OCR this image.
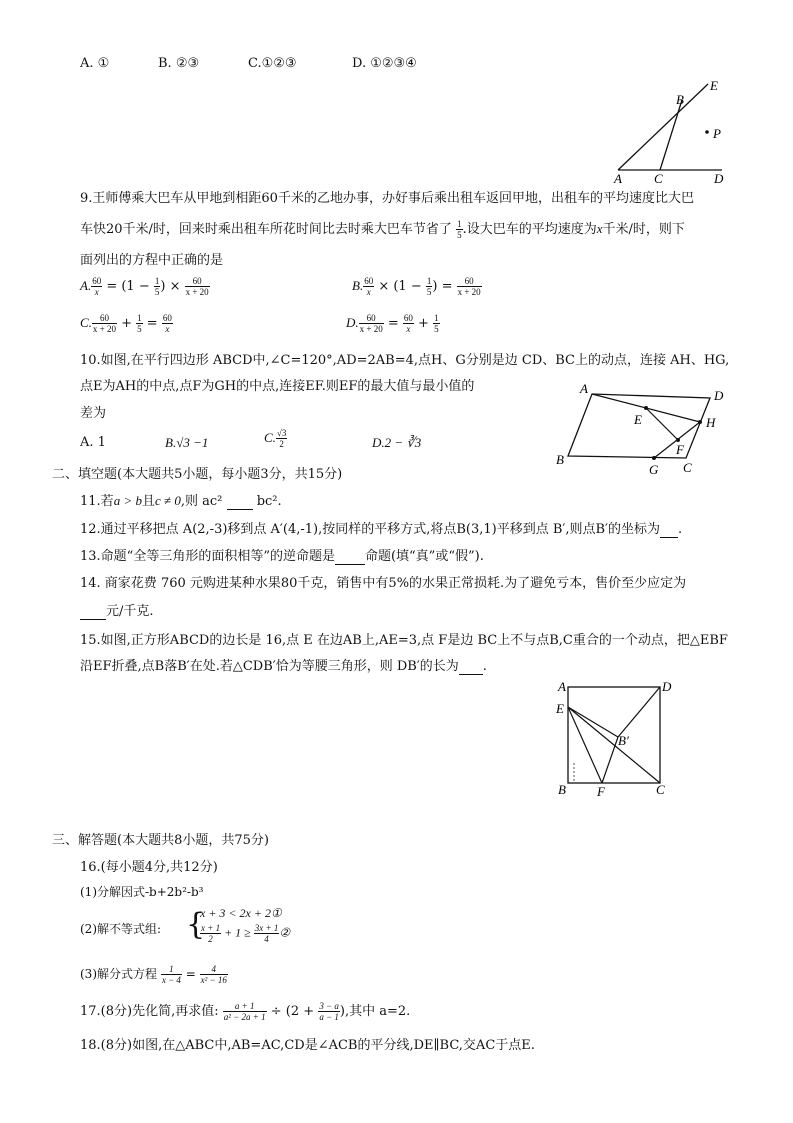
A. ①	B. ②③	C.①②③	D. ①②③④
E
B
P
A C	D
9.王师傅乘大巴车从甲地到相距60千米的乙地办事，办好事后乘出租车返回甲地，出租车的平均速度比大巴
车快20千米/时，回来时乘出租车所花时间比去时乘大巴车节省了 $\frac{1}{5}$ .设大巴车的平均速度为x千米/时，则下
面列出的方程中正确的是
A. $\frac{60}{x} = (1 - \frac{1}{5}$ ) × $\frac{60}{x + 20}$	B. $\frac{60}{x} \times (1 - \frac{1}{5}$ ) = $\frac{60}{x + 20}$
C. $\frac{60}{x + 20} + \frac{1}{5} = \frac{60}{x}$	D. $\frac{60}{x + 20} = \frac{60}{x} + \frac{1}{5}$
10.如图,在平行四边形 ABCD中,∠C=120°,AD=2AB=4,点H、G分别是边 CD、BC上的动点，连接 AH、HG,
点E为AH的中点,点F为GH的中点,连接EF.则EF的最大值与最小值的
差为
A. 1	B.√3 −1	C. $\frac{√3}{2}$	D.2 − ∛3
A	D
E	H
F
B
G C
二、填空题(本大题共5小题，每小题3分，共15分)
11.若a > b且c ≠ 0,则 ac²	bc².
12.通过平移把点 A(2,-3)移到点 A′(4,-1),按同样的平移方式,将点B(3,1)平移到点 B′,则点B′的坐标为 .
13.命题“全等三角形的面积相等”的逆命题是 命题(填“真”或“假”).
14. 商家花费 760 元购进某种水果80千克，销售中有5%的水果正常损耗.为了避免亏本，售价至少应定为
元/千克.
15.如图,正方形ABCD的边长是 16,点 E 在边AB上,AE=3,点 F是边 BC上不与点B,C重合的一个动点，把△EBF
沿EF折叠,点B落B′在处.若△CDB′恰为等腰三角形，则 DB′的长为 .
A	D
E
B′
B F	C
三、解答题(本大题共8小题，共75分)
16.(每小题4分,共12分)
(1)分解因式-b+2b²-b³
(2)解不等式组: {
x + 3 < 2x + 2①
$\frac{x + 1}{2} + 1 \ge \frac{3x + 1}{4}$ ②
(3)解分式方程 $\frac{1}{x - 4} = \frac{4}{\text{x² − 16}}$
17.(8分)先化简,再求值: $\frac{a + 1}{\text{a² − 2a + 1}} \div (2 + \frac{3 - a}{a - 1}$ ),其中 a=2.
18.(8分)如图,在△ABC中,AB=AC,CD是∠ACB的平分线,DE∥BC,交AC于点E.
